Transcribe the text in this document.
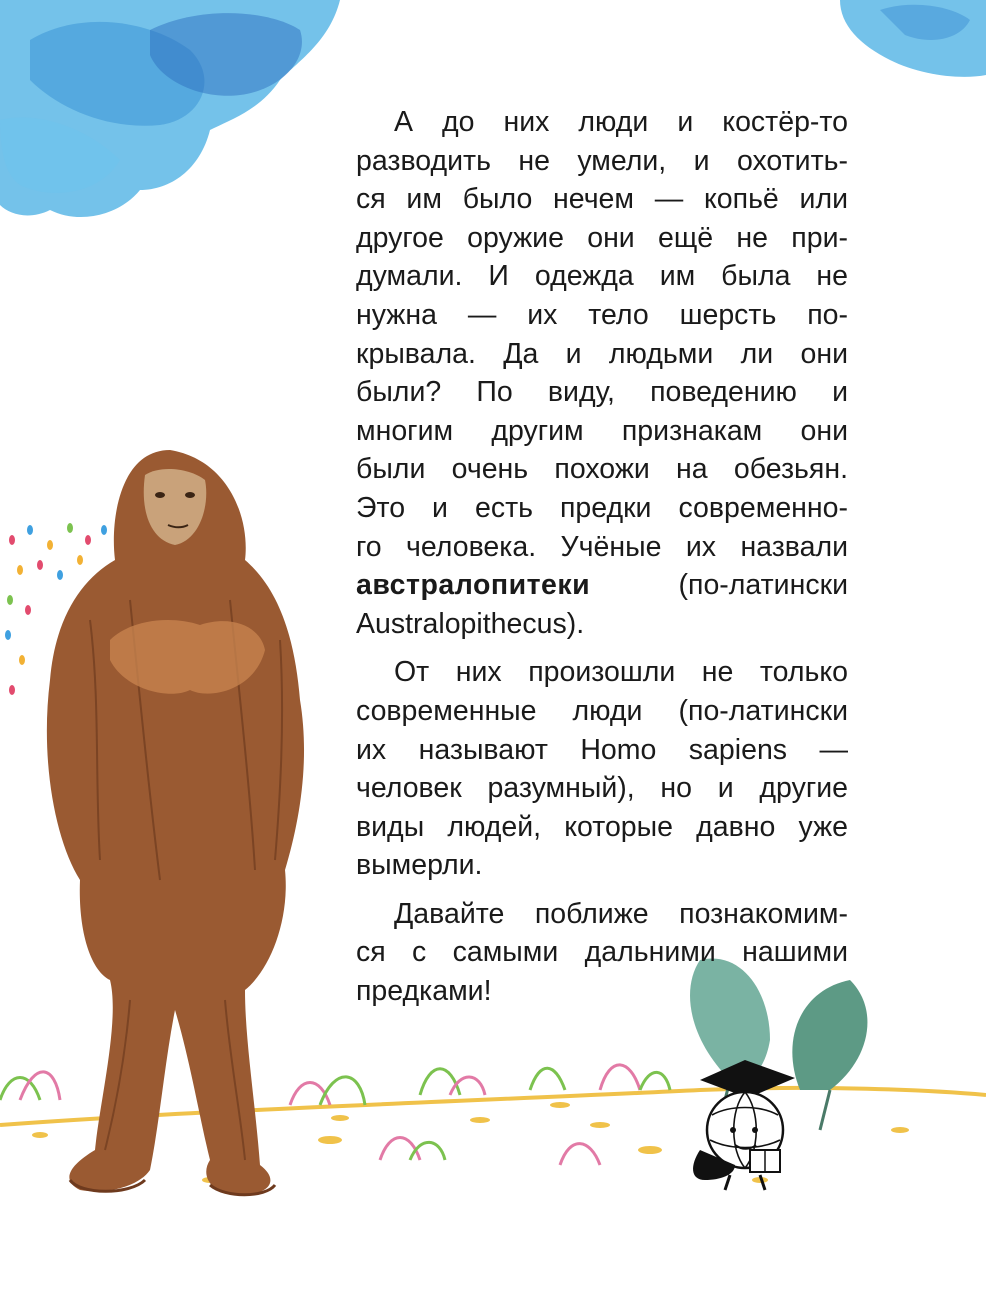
А до них люди и костёр-то
разводить не умели, и охотить-
ся им было нечем — копьё или
другое оружие они ещё не при-
думали. И одежда им была не
нужна — их тело шерсть по-
крывала. Да и людьми ли они
были? По виду, поведению и
многим другим признакам они
были очень похожи на обезьян.
Это и есть предки современно-
го человека. Учёные их назвали
австралопитеки	(по-латински
Australopithecus).
От них произошли не только
современные люди (по-латински
их называют Homo sapiens —
человек разумный), но и другие
виды людей, которые давно уже
вымерли.
Давайте поближе познакомим-
ся с самыми дальними нашими
предками!
